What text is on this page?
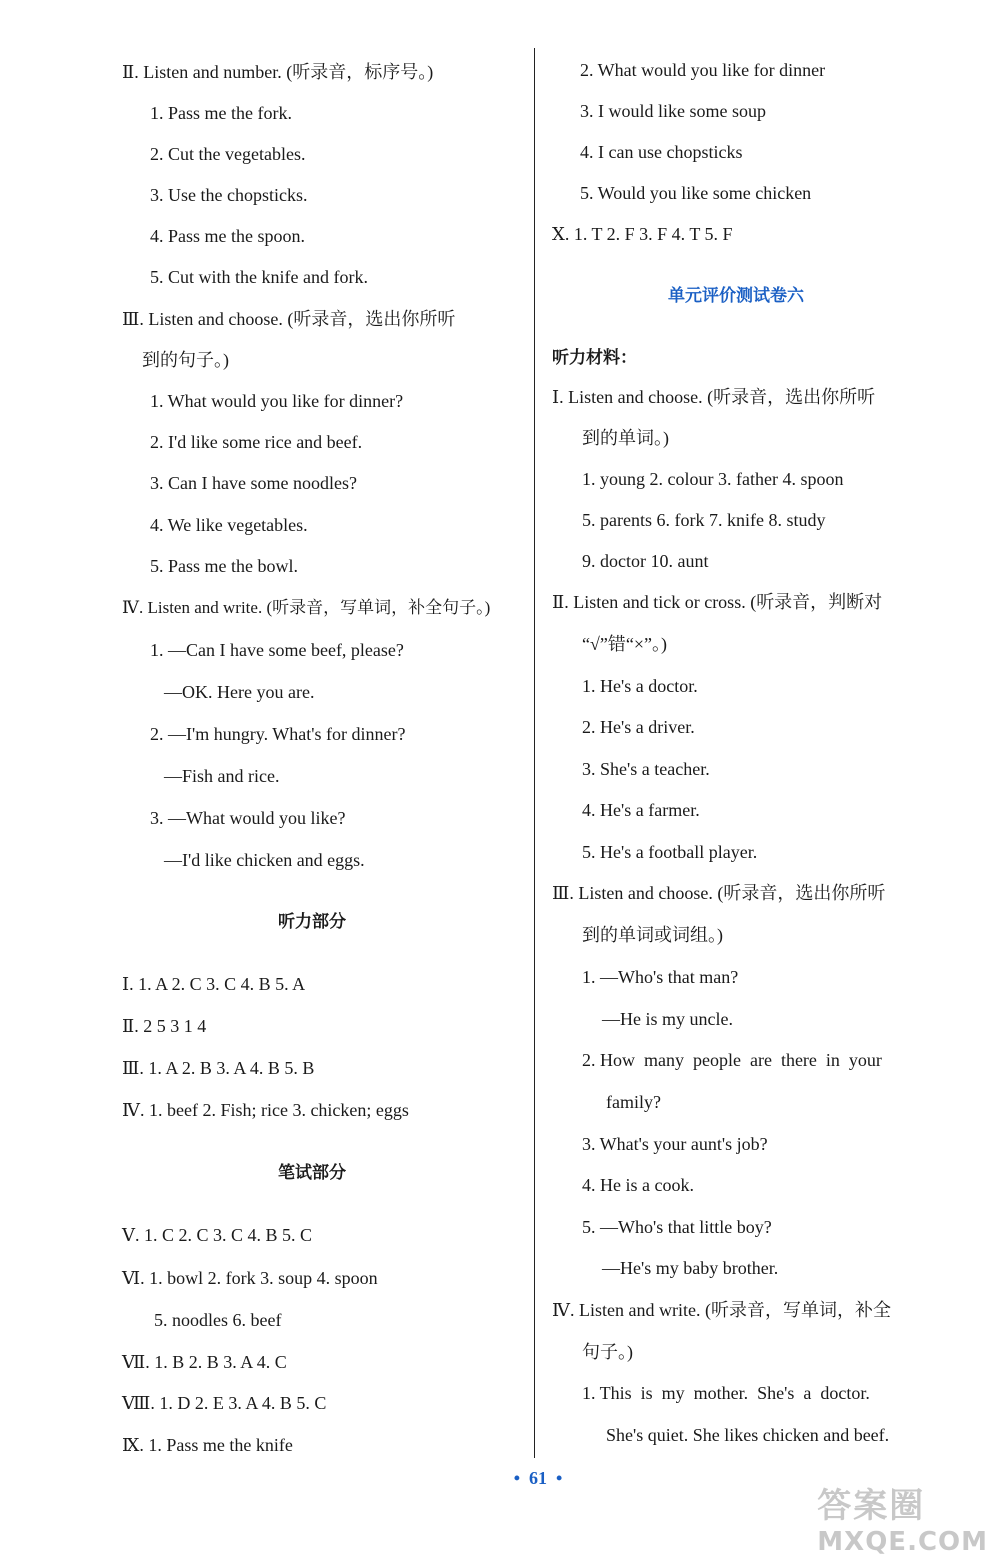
Ⅱ. Listen and number. (听录音，标序号。)
1. Pass me the fork.
2. Cut the vegetables.
3. Use the chopsticks.
4. Pass me the spoon.
5. Cut with the knife and fork.
Ⅲ. Listen and choose. (听录音，选出你所听
到的句子。)
1. What would you like for dinner?
2. I'd like some rice and beef.
3. Can I have some noodles?
4. We like vegetables.
5. Pass me the bowl.
Ⅳ. Listen and write. (听录音，写单词，补全句子。)
1. —Can I have some beef, please?
—OK. Here you are.
2. —I'm hungry. What's for dinner?
—Fish and rice.
3. —What would you like?
—I'd like chicken and eggs.
听力部分
Ⅰ. 1. A 2. C 3. C 4. B 5. A
Ⅱ. 2 5 3 1 4
Ⅲ. 1. A 2. B 3. A 4. B 5. B
Ⅳ. 1. beef 2. Fish; rice 3. chicken; eggs
笔试部分
Ⅴ. 1. C 2. C 3. C 4. B 5. C
Ⅵ. 1. bowl 2. fork 3. soup 4. spoon
5. noodles 6. beef
Ⅶ. 1. B 2. B 3. A 4. C
Ⅷ. 1. D 2. E 3. A 4. B 5. C
Ⅸ. 1. Pass me the knife
2. What would you like for dinner
3. I would like some soup
4. I can use chopsticks
5. Would you like some chicken
Ⅹ. 1. T 2. F 3. F 4. T 5. F
单元评价测试卷六
听力材料：
Ⅰ. Listen and choose. (听录音，选出你所听
到的单词。)
1. young 2. colour 3. father 4. spoon
5. parents 6. fork 7. knife 8. study
9. doctor 10. aunt
Ⅱ. Listen and tick or cross. (听录音，判断对
“√”错“×”。)
1. He's a doctor.
2. He's a driver.
3. She's a teacher.
4. He's a farmer.
5. He's a football player.
Ⅲ. Listen and choose. (听录音，选出你所听
到的单词或词组。)
1. —Who's that man?
—He is my uncle.
2. How  many  people  are  there  in  your
family?
3. What's your aunt's job?
4. He is a cook.
5. —Who's that little boy?
—He's my baby brother.
Ⅳ. Listen and write. (听录音，写单词，补全
句子。)
1. This  is  my  mother.  She's  a  doctor.
She's quiet. She likes chicken and beef.
•  61  •
答案圈
MXQE.COM
